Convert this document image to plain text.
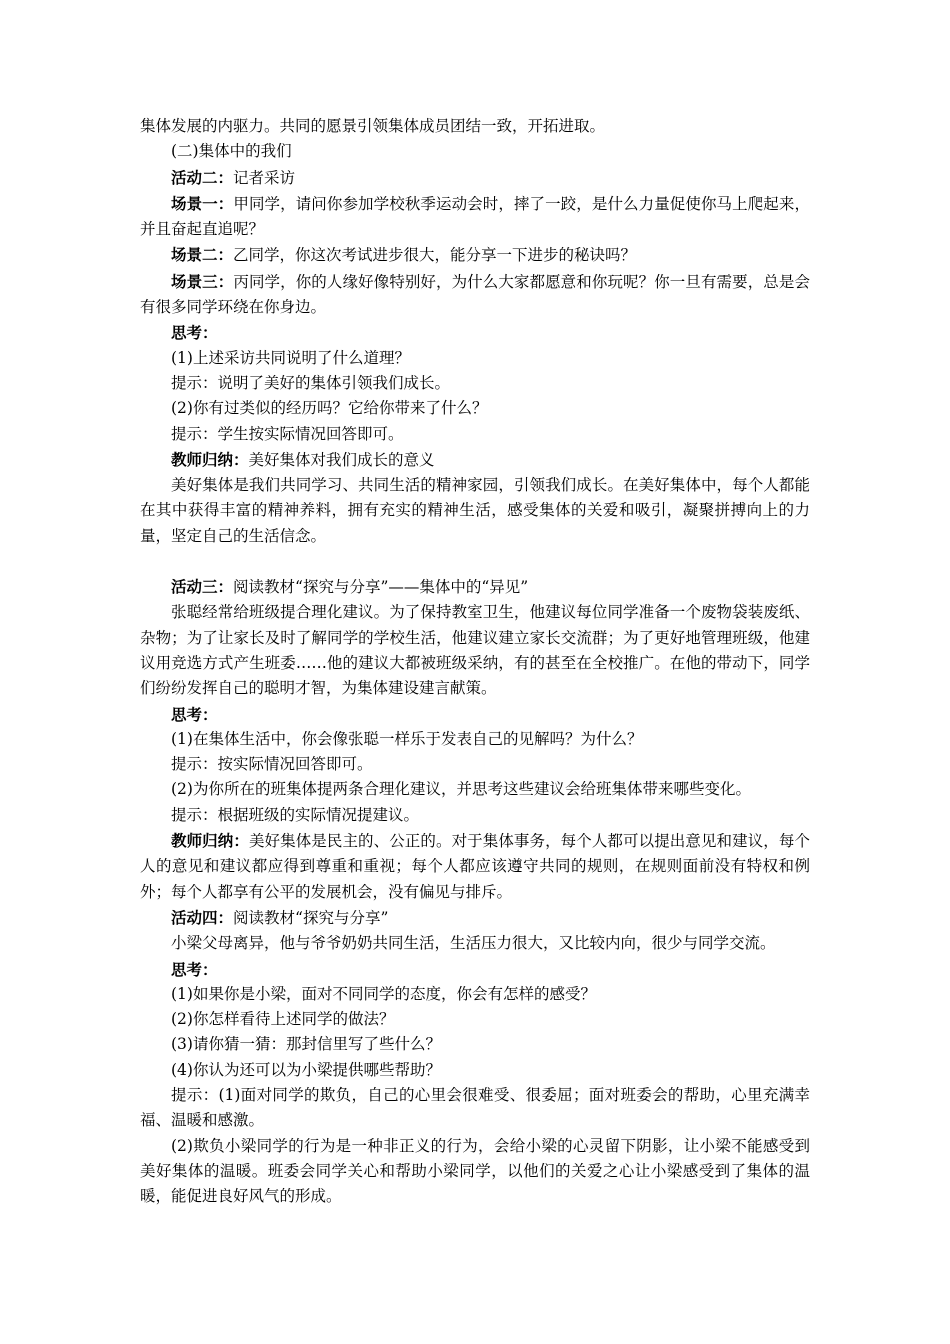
集体发展的内驱力。共同的愿景引领集体成员团结一致，开拓进取。

(二)集体中的我们

活动二：记者采访

场景一：甲同学，请问你参加学校秋季运动会时，摔了一跤，是什么力量促使你马上爬起来，并且奋起直追呢？

场景二：乙同学，你这次考试进步很大，能分享一下进步的秘诀吗？

场景三：丙同学，你的人缘好像特别好，为什么大家都愿意和你玩呢？你一旦有需要，总是会有很多同学环绕在你身边。

思考：

(1)上述采访共同说明了什么道理？

提示：说明了美好的集体引领我们成长。

(2)你有过类似的经历吗？它给你带来了什么？

提示：学生按实际情况回答即可。

教师归纳：美好集体对我们成长的意义

美好集体是我们共同学习、共同生活的精神家园，引领我们成长。在美好集体中，每个人都能在其中获得丰富的精神养料，拥有充实的精神生活，感受集体的关爱和吸引，凝聚拼搏向上的力量，坚定自己的生活信念。

活动三：阅读教材“探究与分享”——集体中的“异见”

张聪经常给班级提合理化建议。为了保持教室卫生，他建议每位同学准备一个废物袋装废纸、杂物；为了让家长及时了解同学的学校生活，他建议建立家长交流群；为了更好地管理班级，他建议用竞选方式产生班委……他的建议大都被班级采纳，有的甚至在全校推广。在他的带动下，同学们纷纷发挥自己的聪明才智，为集体建设建言献策。

思考：

(1)在集体生活中，你会像张聪一样乐于发表自己的见解吗？为什么？

提示：按实际情况回答即可。

(2)为你所在的班集体提两条合理化建议，并思考这些建议会给班集体带来哪些变化。

提示：根据班级的实际情况提建议。

教师归纳：美好集体是民主的、公正的。对于集体事务，每个人都可以提出意见和建议，每个人的意见和建议都应得到尊重和重视；每个人都应该遵守共同的规则，在规则面前没有特权和例外；每个人都享有公平的发展机会，没有偏见与排斥。

活动四：阅读教材“探究与分享”

小梁父母离异，他与爷爷奶奶共同生活，生活压力很大，又比较内向，很少与同学交流。

思考：

(1)如果你是小梁，面对不同同学的态度，你会有怎样的感受？

(2)你怎样看待上述同学的做法？

(3)请你猜一猜：那封信里写了些什么？

(4)你认为还可以为小梁提供哪些帮助？

提示：(1)面对同学的欺负，自己的心里会很难受、很委屈；面对班委会的帮助，心里充满幸福、温暖和感激。

(2)欺负小梁同学的行为是一种非正义的行为，会给小梁的心灵留下阴影，让小梁不能感受到美好集体的温暖。班委会同学关心和帮助小梁同学，以他们的关爱之心让小梁感受到了集体的温暖，能促进良好风气的形成。
